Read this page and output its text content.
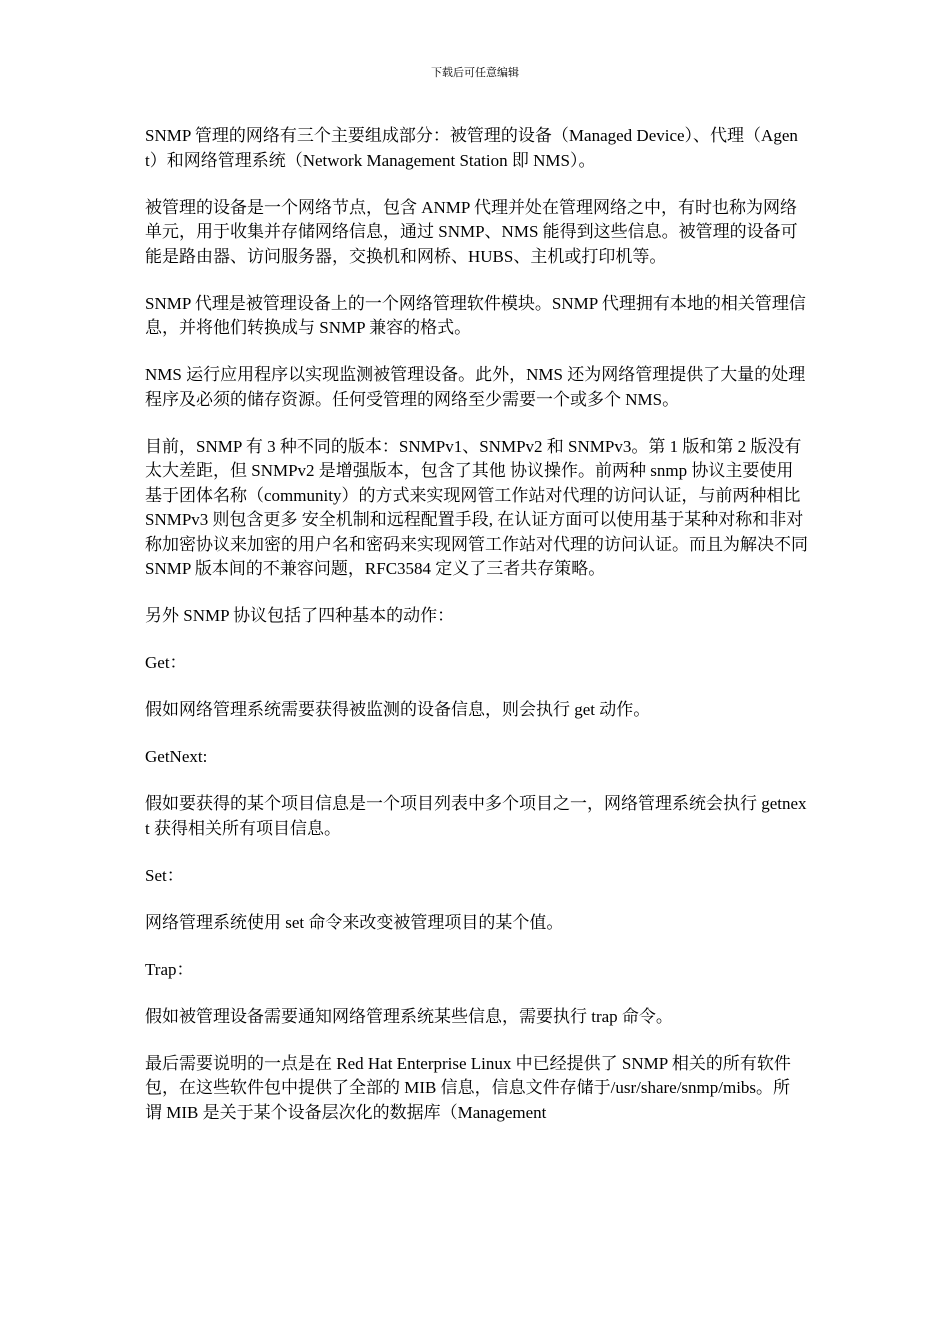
下载后可任意编辑

SNMP 管理的网络有三个主要组成部分：被管理的设备（Managed Device）、代理（Agent）和网络管理系统（Network Management Station 即 NMS）。

被管理的设备是一个网络节点，包含 ANMP 代理并处在管理网络之中，有时也称为网络单元，用于收集并存储网络信息，通过 SNMP、NMS 能得到这些信息。被管理的设备可能是路由器、访问服务器，交换机和网桥、HUBS、主机或打印机等。

SNMP 代理是被管理设备上的一个网络管理软件模块。SNMP 代理拥有本地的相关管理信息，并将他们转换成与 SNMP 兼容的格式。

NMS 运行应用程序以实现监测被管理设备。此外，NMS 还为网络管理提供了大量的处理程序及必须的储存资源。任何受管理的网络至少需要一个或多个 NMS。

目前，SNMP 有 3 种不同的版本：SNMPv1、SNMPv2 和 SNMPv3。第 1 版和第 2 版没有太大差距，但 SNMPv2 是增强版本，包含了其他 协议操作。前两种 snmp 协议主要使用基于团体名称（community）的方式来实现网管工作站对代理的访问认证，与前两种相比 SNMPv3 则包含更多 安全机制和远程配置手段, 在认证方面可以使用基于某种对称和非对称加密协议来加密的用户名和密码来实现网管工作站对代理的访问认证。而且为解决不同 SNMP 版本间的不兼容问题，RFC3584 定义了三者共存策略。

另外 SNMP 协议包括了四种基本的动作：

Get：

假如网络管理系统需要获得被监测的设备信息，则会执行 get 动作。

GetNext:

假如要获得的某个项目信息是一个项目列表中多个项目之一，网络管理系统会执行 getnext 获得相关所有项目信息。

Set：

网络管理系统使用 set 命令来改变被管理项目的某个值。

Trap：

假如被管理设备需要通知网络管理系统某些信息，需要执行 trap 命令。

最后需要说明的一点是在 Red Hat Enterprise Linux 中已经提供了 SNMP 相关的所有软件包，在这些软件包中提供了全部的 MIB 信息，信息文件存储于/usr/share/snmp/mibs。所 谓 MIB 是关于某个设备层次化的数据库（Management
